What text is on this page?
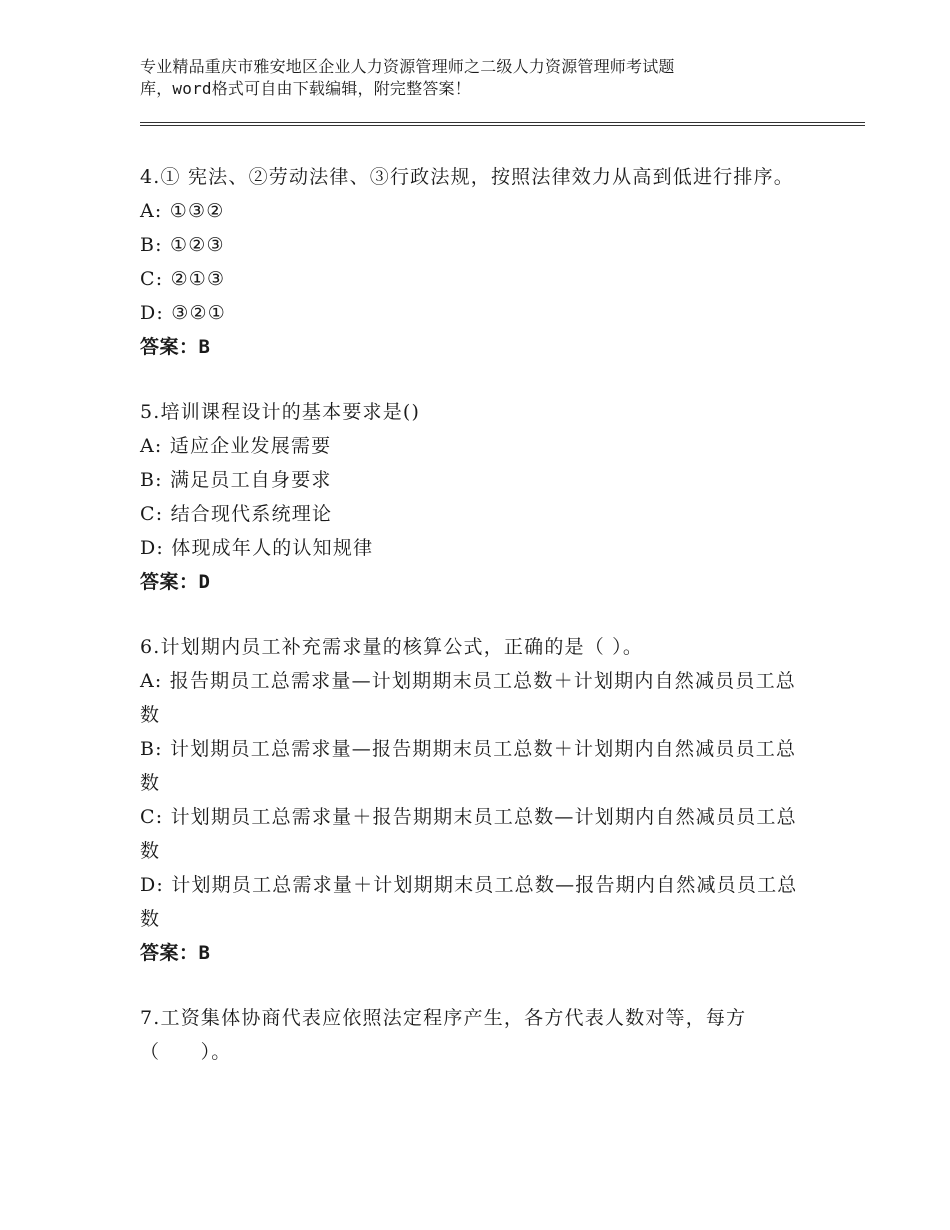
专业精品重庆市雅安地区企业人力资源管理师之二级人力资源管理师考试题
库，word格式可自由下载编辑，附完整答案！
4.① 宪法、②劳动法律、③行政法规，按照法律效力从高到低进行排序。
A: ①③②
B: ①②③
C: ②①③
D: ③②①
答案：B
5.培训课程设计的基本要求是()
A: 适应企业发展需要
B: 满足员工自身要求
C: 结合现代系统理论
D: 体现成年人的认知规律
答案：D
6.计划期内员工补充需求量的核算公式，正确的是（ ）。
A: 报告期员工总需求量—计划期期末员工总数＋计划期内自然减员员工总数
B: 计划期员工总需求量—报告期期末员工总数＋计划期内自然减员员工总数
C: 计划期员工总需求量＋报告期期末员工总数—计划期内自然减员员工总数
D: 计划期员工总需求量＋计划期期末员工总数—报告期内自然减员员工总数
答案：B
7.工资集体协商代表应依照法定程序产生，各方代表人数对等，每方（　　）。
